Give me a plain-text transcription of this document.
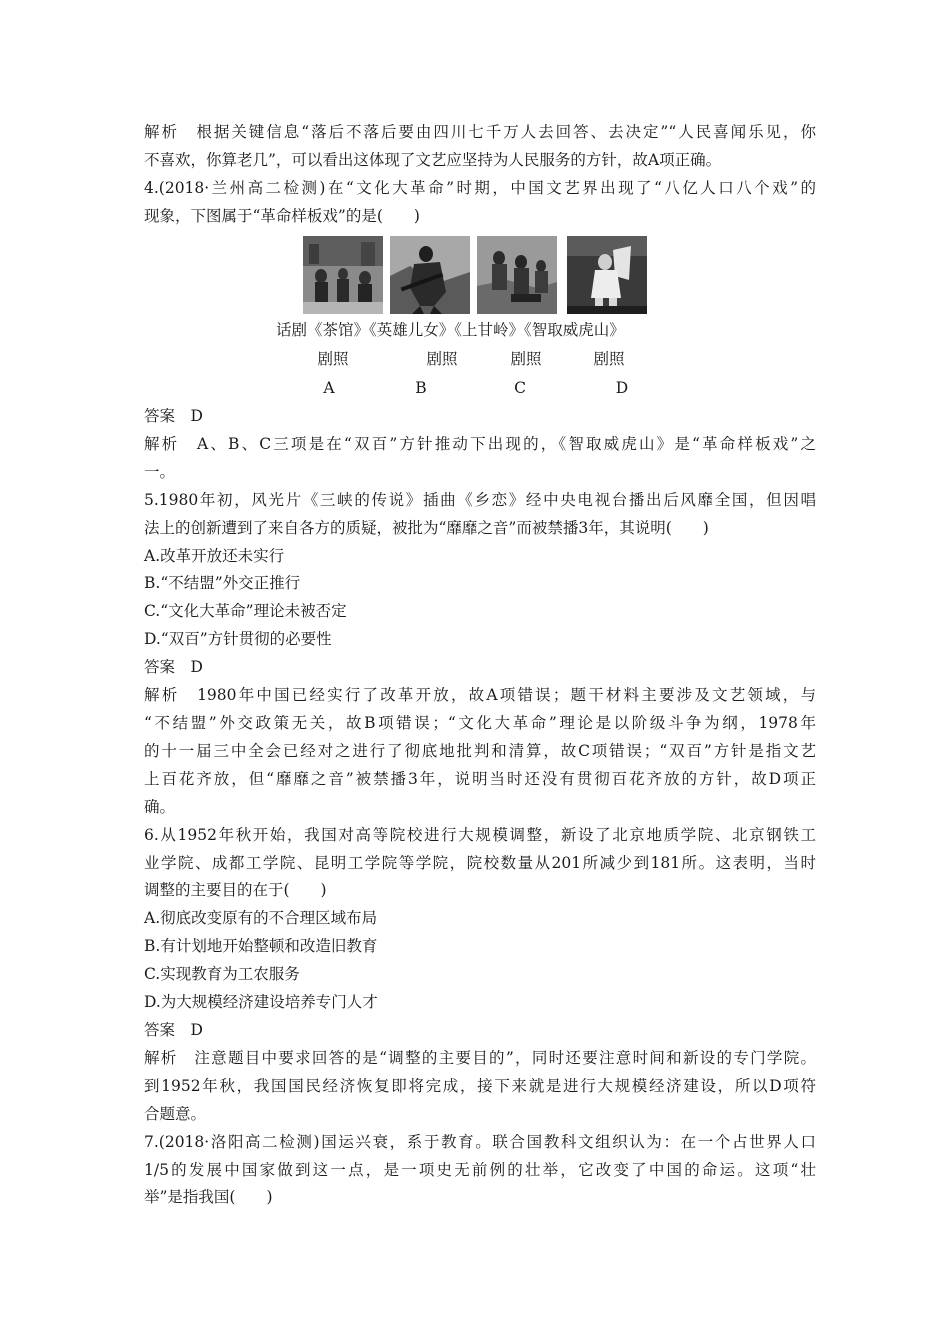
解析　根据关键信息“落后不落后要由四川七千万人去回答、去决定”“人民喜闻乐见，你
不喜欢，你算老几”，可以看出这体现了文艺应坚持为人民服务的方针，故A项正确。
4.(2018·兰州高二检测)在“文化大革命”时期，中国文艺界出现了“八亿人口八个戏”的
现象，下图属于“革命样板戏”的是(　　)
话剧《茶馆》《英雄儿女》《上甘岭》《智取威虎山》
剧照	剧照	剧照	剧照
A	B	C	D
答案　D
解析　A、B、C三项是在“双百”方针推动下出现的，《智取威虎山》是“革命样板戏”之
一。
5.1980年初，风光片《三峡的传说》插曲《乡恋》经中央电视台播出后风靡全国，但因唱
法上的创新遭到了来自各方的质疑，被批为“靡靡之音”而被禁播3年，其说明(　　)
A.改革开放还未实行
B.“不结盟”外交正推行
C.“文化大革命”理论未被否定
D.“双百”方针贯彻的必要性
答案　D
解析　1980年中国已经实行了改革开放，故A项错误；题干材料主要涉及文艺领域，与
“不结盟”外交政策无关，故B项错误；“文化大革命”理论是以阶级斗争为纲，1978年
的十一届三中全会已经对之进行了彻底地批判和清算，故C项错误；“双百”方针是指文艺
上百花齐放，但“靡靡之音”被禁播3年，说明当时还没有贯彻百花齐放的方针，故D项正
确。
6.从1952年秋开始，我国对高等院校进行大规模调整，新设了北京地质学院、北京钢铁工
业学院、成都工学院、昆明工学院等学院，院校数量从201所减少到181所。这表明，当时
调整的主要目的在于(　　)
A.彻底改变原有的不合理区域布局
B.有计划地开始整顿和改造旧教育
C.实现教育为工农服务
D.为大规模经济建设培养专门人才
答案　D
解析　注意题目中要求回答的是“调整的主要目的”，同时还要注意时间和新设的专门学院。
到1952年秋，我国国民经济恢复即将完成，接下来就是进行大规模经济建设，所以D项符
合题意。
7.(2018·洛阳高二检测)国运兴衰，系于教育。联合国教科文组织认为：在一个占世界人口
1/5的发展中国家做到这一点，是一项史无前例的壮举，它改变了中国的命运。这项“壮
举”是指我国(　　)
